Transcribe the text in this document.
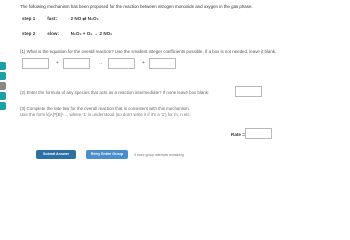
The following mechanism has been proposed for the reaction between nitrogen monoxide and oxygen in the gas phase.
step 1	fast:	2 NO ⇌ N₂O₂
step 2	slow:	N₂O₂ + O₂ → 2 NO₂
(1) What is the equation for the overall reaction? Use the smallest integer coefficients possible. If a box is not needed, leave it blank.
+	→	+
(2) Enter the formula of any species that acts as a reaction intermediate? If none leave box blank:
(3) Complete the rate law for the overall reaction that is consistent with this mechanism.
Use the form k[A]ᵐ[B]ⁿ..., where '1' is understood (so don't write it if it's a '1') for m, n etc.
Rate =
Submit Answer	Retry Entire Group	3 more group attempts remaining
